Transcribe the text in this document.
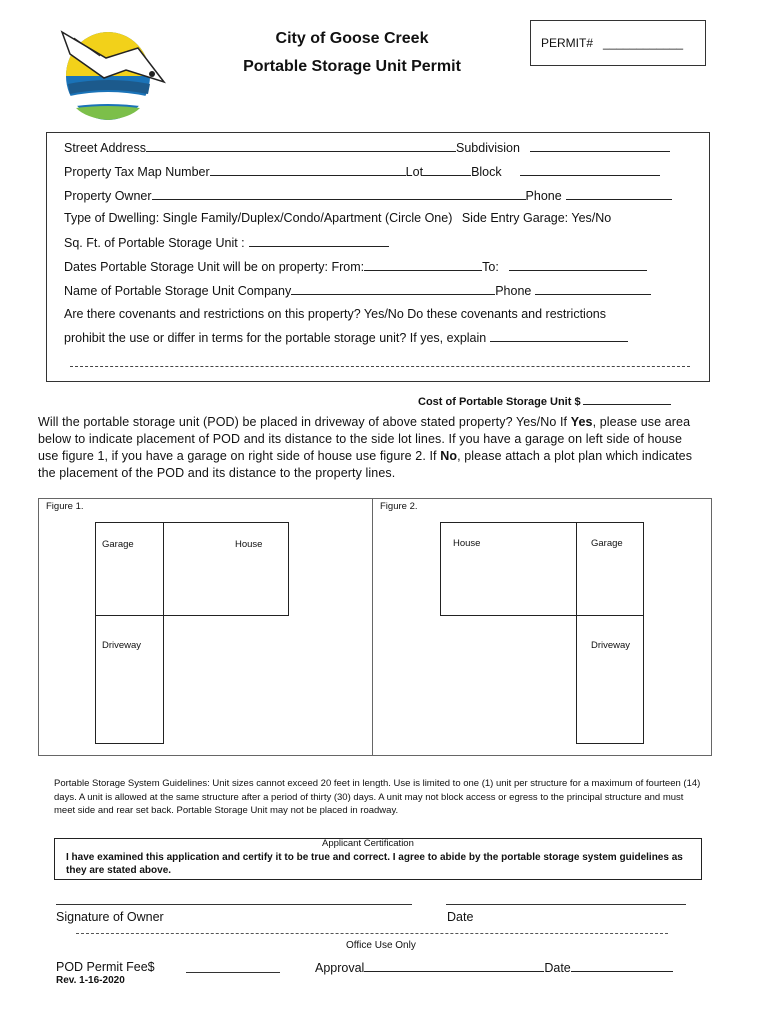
City of Goose Creek
Portable Storage Unit Permit
PERMIT# ____________
Street Address	Subdivision
Property Tax Map Number	Lot	Block
Property Owner	Phone
Type of Dwelling: Single Family/Duplex/Condo/Apartment (Circle One) Side Entry Garage: Yes/No
Sq. Ft. of Portable Storage Unit :
Dates Portable Storage Unit will be on property: From:	To:
Name of Portable Storage Unit Company	Phone
Are there covenants and restrictions on this property? Yes/No Do these covenants and restrictions
prohibit the use or differ in terms for the portable storage unit? If yes, explain
Cost of Portable Storage Unit $
Will the portable storage unit (POD) be placed in driveway of above stated property? Yes/No If Yes, please use area below to indicate placement of POD and its distance to the side lot lines. If you have a garage on left side of house use figure 1, if you have a garage on right side of house use figure 2. If No, please attach a plot plan which indicates the placement of the POD and its distance to the property lines.
Figure 1.
Garage	House
Driveway
Figure 2.
House	Garage
Driveway
Portable Storage System Guidelines: Unit sizes cannot exceed 20 feet in length. Use is limited to one (1) unit per structure for a maximum of fourteen (14) days. A unit is allowed at the same structure after a period of thirty (30) days. A unit may not block access or egress to the principal structure and must meet side and rear set back. Portable Storage Unit may not be placed in roadway.
Applicant Certification
I have examined this application and certify it to be true and correct. I agree to abide by the portable storage system guidelines as they are stated above.
Signature of Owner	Date
Office Use Only
POD Permit Fee$	Approval	Date
Rev. 1-16-2020
